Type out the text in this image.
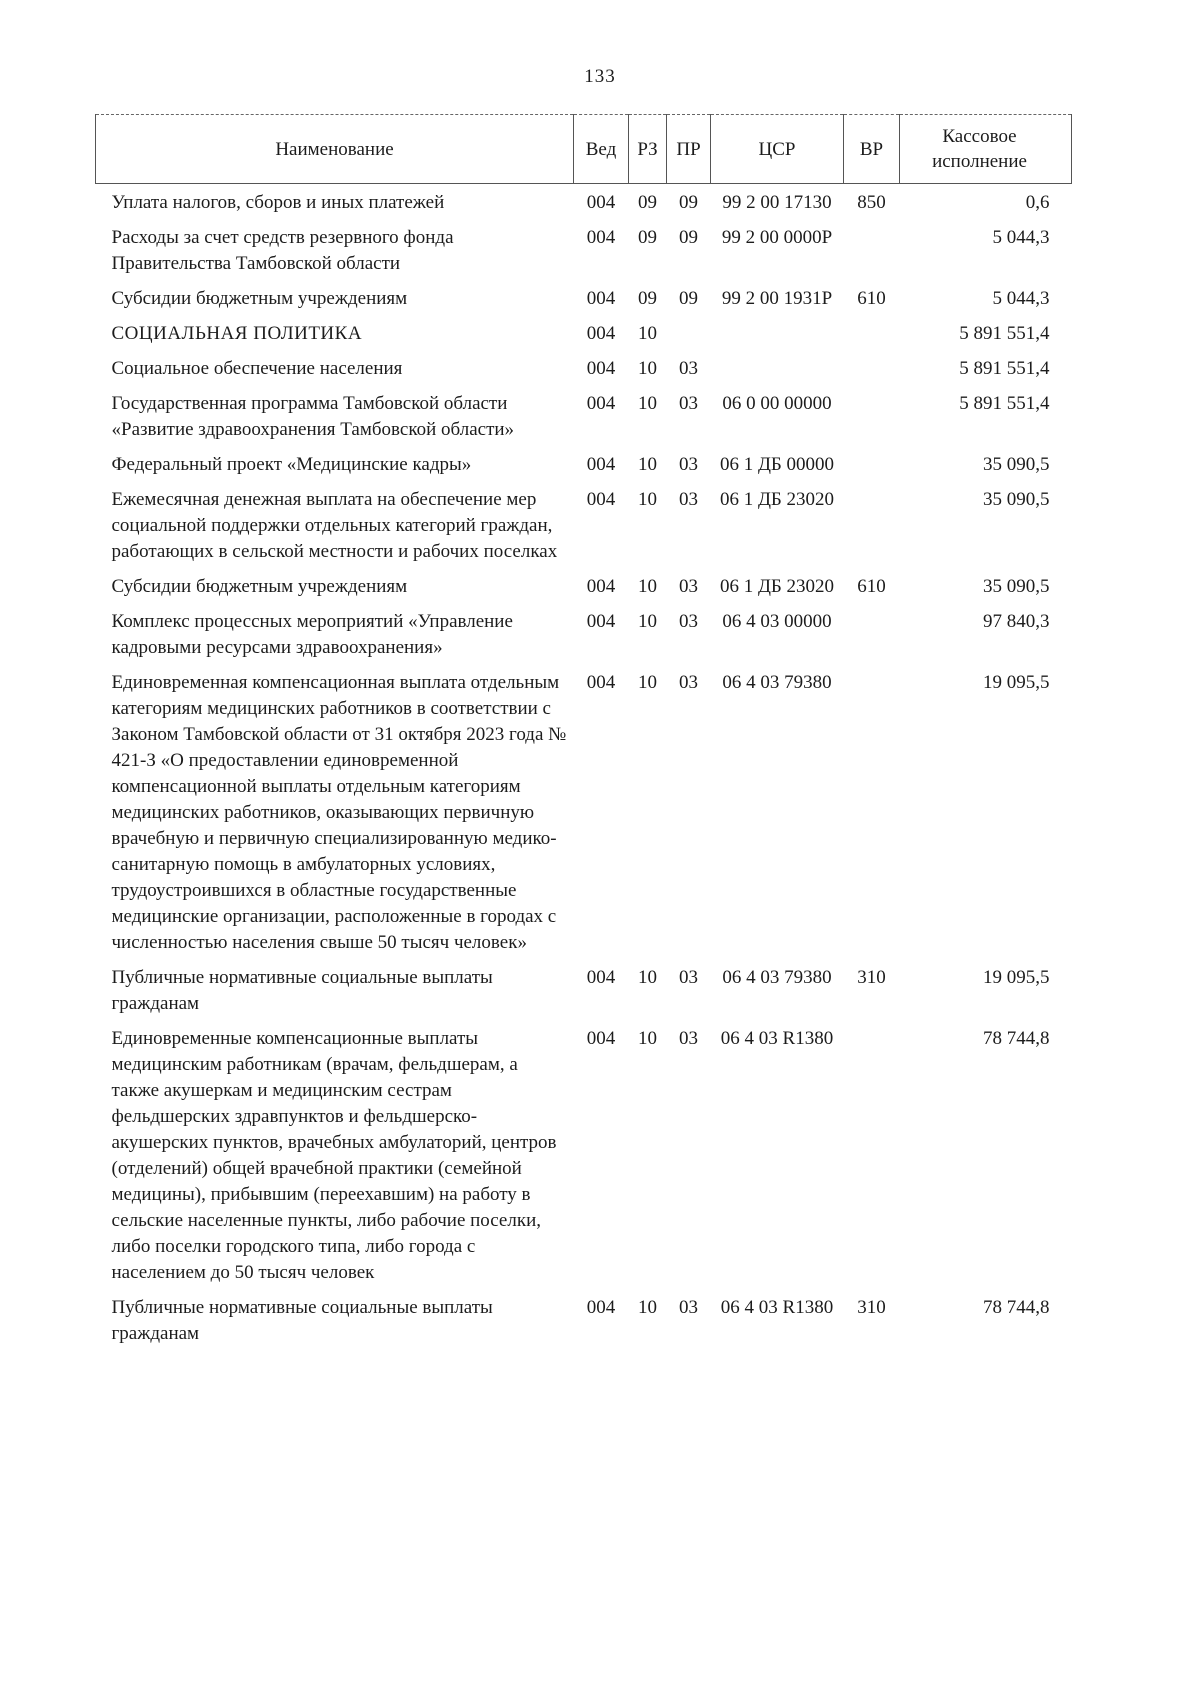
133
Наименование	Вед	РЗ	ПР	ЦСР	ВР	Кассовое исполнение
Уплата налогов, сборов и иных платежей	004	09	09	99 2 00 17130	850	0,6
Расходы за счет средств резервного фонда Правительства Тамбовской области	004	09	09	99 2 00 0000Р		5 044,3
Субсидии бюджетным учреждениям	004	09	09	99 2 00 1931Р	610	5 044,3
СОЦИАЛЬНАЯ ПОЛИТИКА	004	10				5 891 551,4
Социальное обеспечение населения	004	10	03			5 891 551,4
Государственная программа Тамбовской области «Развитие здравоохранения Тамбовской области»	004	10	03	06 0 00 00000		5 891 551,4
Федеральный проект «Медицинские кадры»	004	10	03	06 1 ДБ 00000		35 090,5
Ежемесячная денежная выплата на обеспечение мер социальной поддержки отдельных категорий граждан, работающих в сельской местности и рабочих поселках	004	10	03	06 1 ДБ 23020		35 090,5
Субсидии бюджетным учреждениям	004	10	03	06 1 ДБ 23020	610	35 090,5
Комплекс процессных мероприятий «Управление кадровыми ресурсами здравоохранения»	004	10	03	06 4 03 00000		97 840,3
Единовременная компенсационная выплата отдельным категориям медицинских работников в соответствии с Законом Тамбовской области от 31 октября 2023 года № 421-З «О предоставлении единовременной компенсационной выплаты отдельным категориям медицинских работников, оказывающих первичную врачебную и первичную специализированную медико-санитарную помощь в амбулаторных условиях, трудоустроившихся в областные государственные медицинские организации, расположенные в городах с численностью населения свыше 50 тысяч человек»	004	10	03	06 4 03 79380		19 095,5
Публичные нормативные социальные выплаты гражданам	004	10	03	06 4 03 79380	310	19 095,5
Единовременные компенсационные выплаты медицинским работникам (врачам, фельдшерам, а также акушеркам и медицинским сестрам фельдшерских здравпунктов и фельдшерско-акушерских пунктов, врачебных амбулаторий, центров (отделений) общей врачебной практики (семейной медицины), прибывшим (переехавшим) на работу в сельские населенные пункты, либо рабочие поселки, либо поселки городского типа, либо города с населением до 50 тысяч человек	004	10	03	06 4 03 R1380		78 744,8
Публичные нормативные социальные выплаты гражданам	004	10	03	06 4 03 R1380	310	78 744,8
